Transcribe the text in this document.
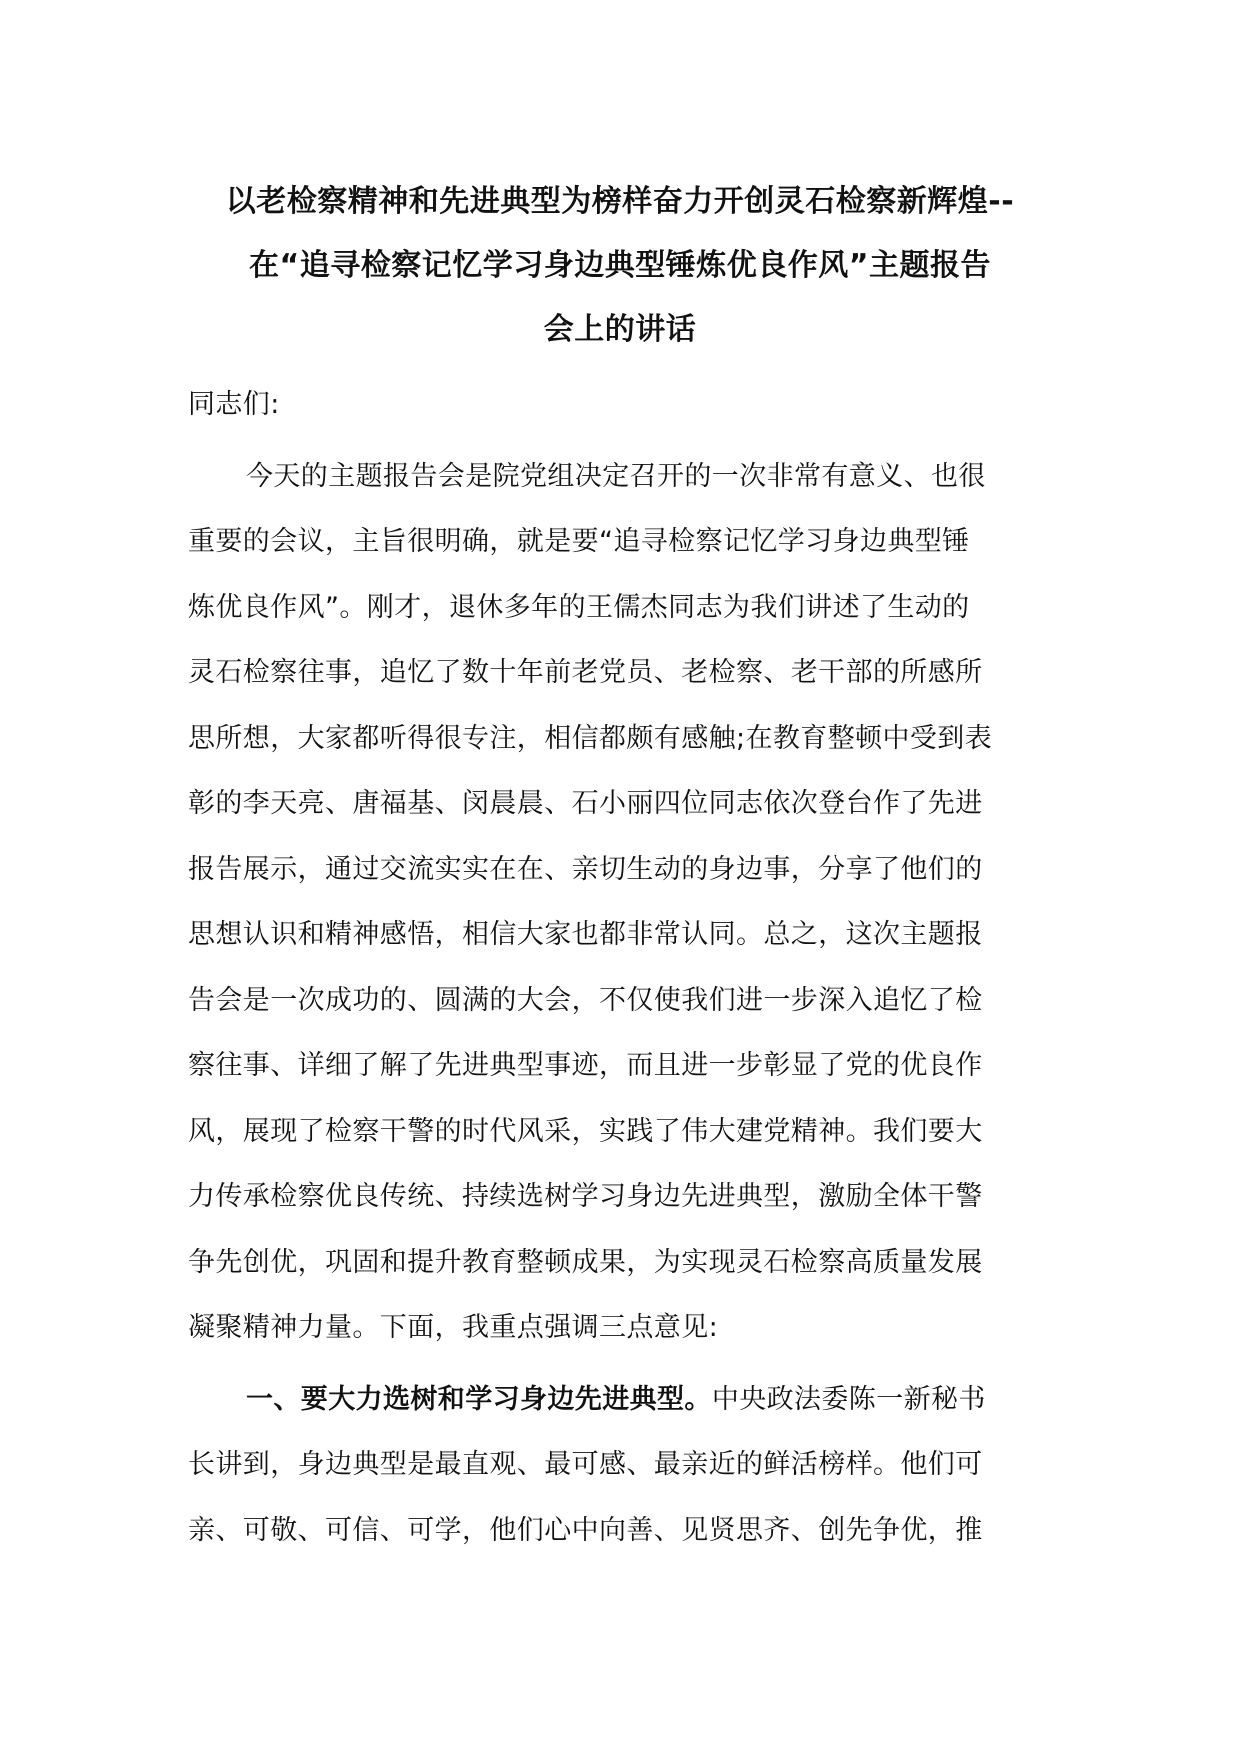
以老检察精神和先进典型为榜样奋力开创灵石检察新辉煌--
在“追寻检察记忆学习身边典型锤炼优良作风”主题报告
会上的讲话
同志们:
今天的主题报告会是院党组决定召开的一次非常有意义、也很
重要的会议，主旨很明确，就是要“追寻检察记忆学习身边典型锤
炼优良作风”。刚才，退休多年的王儒杰同志为我们讲述了生动的
灵石检察往事，追忆了数十年前老党员、老检察、老干部的所感所
思所想，大家都听得很专注，相信都颇有感触;在教育整顿中受到表
彰的李天亮、唐福基、闵晨晨、石小丽四位同志依次登台作了先进
报告展示，通过交流实实在在、亲切生动的身边事，分享了他们的
思想认识和精神感悟，相信大家也都非常认同。总之，这次主题报
告会是一次成功的、圆满的大会，不仅使我们进一步深入追忆了检
察往事、详细了解了先进典型事迹，而且进一步彰显了党的优良作
风，展现了检察干警的时代风采，实践了伟大建党精神。我们要大
力传承检察优良传统、持续选树学习身边先进典型，激励全体干警
争先创优，巩固和提升教育整顿成果，为实现灵石检察高质量发展
凝聚精神力量。下面，我重点强调三点意见:
一、要大力选树和学习身边先进典型。中央政法委陈一新秘书
长讲到，身边典型是最直观、最可感、最亲近的鲜活榜样。他们可
亲、可敬、可信、可学，他们心中向善、见贤思齐、创先争优，推
